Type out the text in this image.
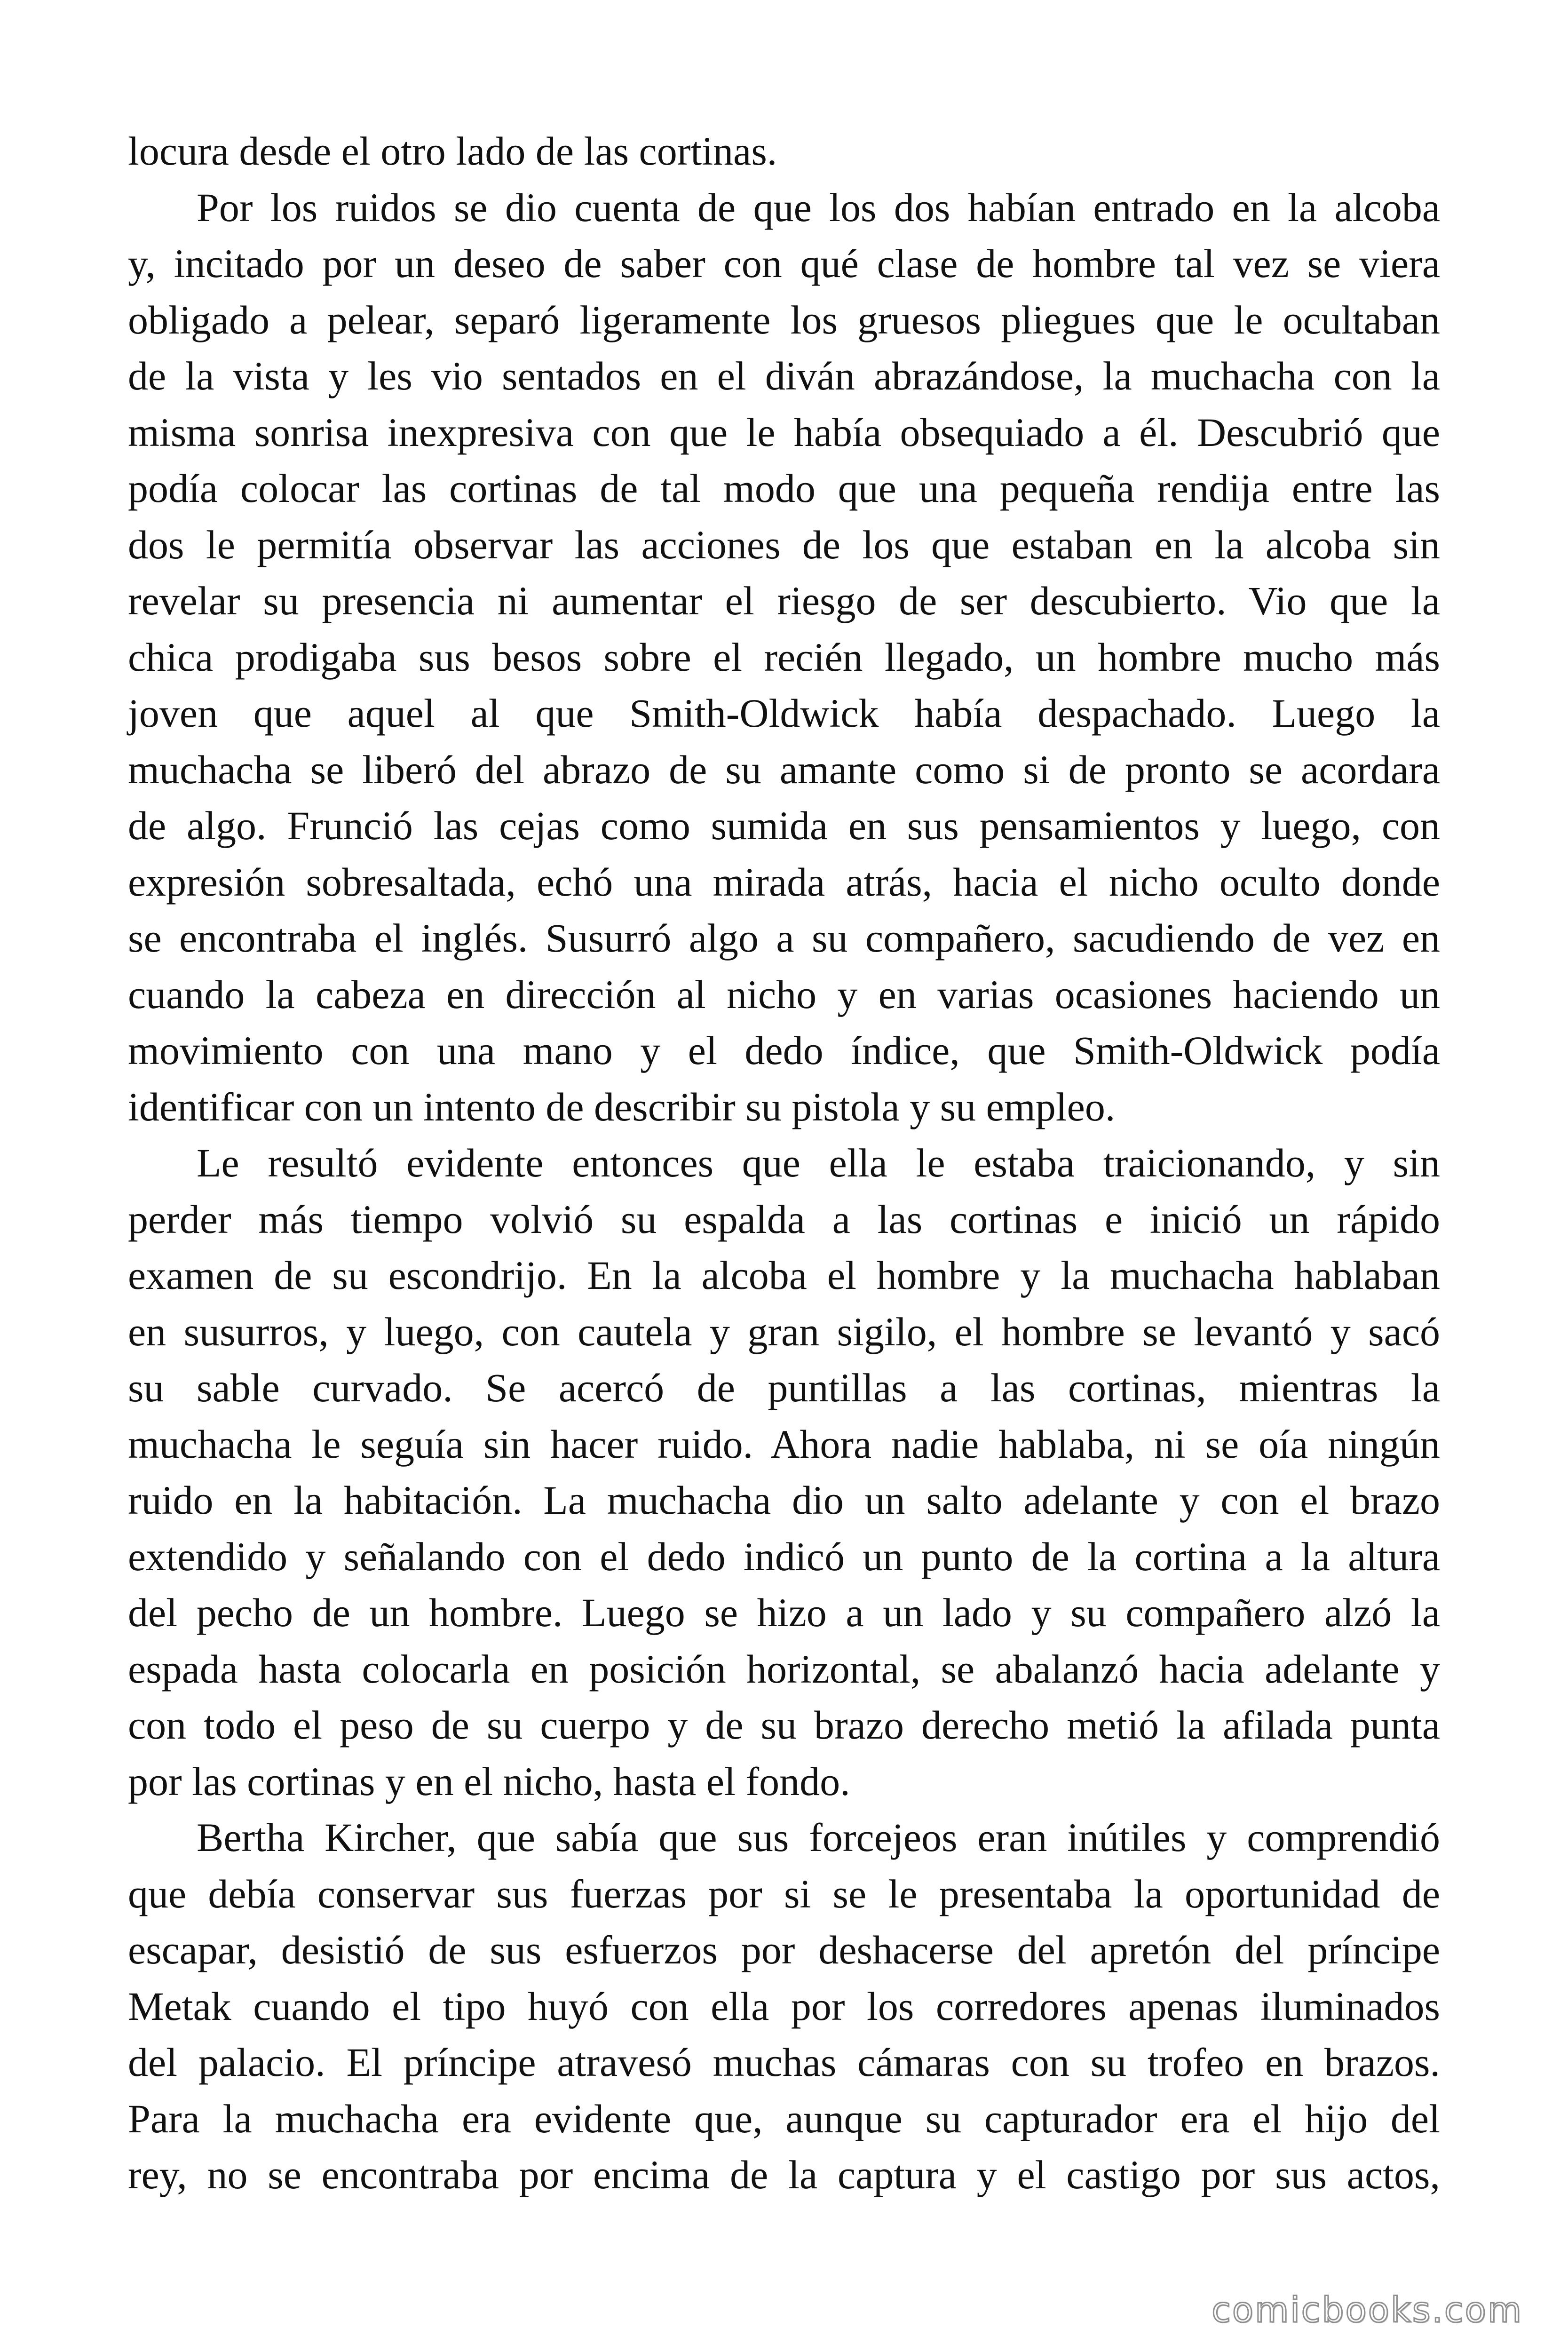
locura desde el otro lado de las cortinas.
Por los ruidos se dio cuenta de que los dos habían entrado en la alcoba
y, incitado por un deseo de saber con qué clase de hombre tal vez se viera
obligado a pelear, separó ligeramente los gruesos pliegues que le ocultaban
de la vista y les vio sentados en el diván abrazándose, la muchacha con la
misma sonrisa inexpresiva con que le había obsequiado a él. Descubrió que
podía colocar las cortinas de tal modo que una pequeña rendija entre las
dos le permitía observar las acciones de los que estaban en la alcoba sin
revelar su presencia ni aumentar el riesgo de ser descubierto. Vio que la
chica prodigaba sus besos sobre el recién llegado, un hombre mucho más
joven que aquel al que Smith-Oldwick había despachado. Luego la
muchacha se liberó del abrazo de su amante como si de pronto se acordara
de algo. Frunció las cejas como sumida en sus pensamientos y luego, con
expresión sobresaltada, echó una mirada atrás, hacia el nicho oculto donde
se encontraba el inglés. Susurró algo a su compañero, sacudiendo de vez en
cuando la cabeza en dirección al nicho y en varias ocasiones haciendo un
movimiento con una mano y el dedo índice, que Smith-Oldwick podía
identificar con un intento de describir su pistola y su empleo.
Le resultó evidente entonces que ella le estaba traicionando, y sin
perder más tiempo volvió su espalda a las cortinas e inició un rápido
examen de su escondrijo. En la alcoba el hombre y la muchacha hablaban
en susurros, y luego, con cautela y gran sigilo, el hombre se levantó y sacó
su sable curvado. Se acercó de puntillas a las cortinas, mientras la
muchacha le seguía sin hacer ruido. Ahora nadie hablaba, ni se oía ningún
ruido en la habitación. La muchacha dio un salto adelante y con el brazo
extendido y señalando con el dedo indicó un punto de la cortina a la altura
del pecho de un hombre. Luego se hizo a un lado y su compañero alzó la
espada hasta colocarla en posición horizontal, se abalanzó hacia adelante y
con todo el peso de su cuerpo y de su brazo derecho metió la afilada punta
por las cortinas y en el nicho, hasta el fondo.
Bertha Kircher, que sabía que sus forcejeos eran inútiles y comprendió
que debía conservar sus fuerzas por si se le presentaba la oportunidad de
escapar, desistió de sus esfuerzos por deshacerse del apretón del príncipe
Metak cuando el tipo huyó con ella por los corredores apenas iluminados
del palacio. El príncipe atravesó muchas cámaras con su trofeo en brazos.
Para la muchacha era evidente que, aunque su capturador era el hijo del
rey, no se encontraba por encima de la captura y el castigo por sus actos,
comicbooks.com
